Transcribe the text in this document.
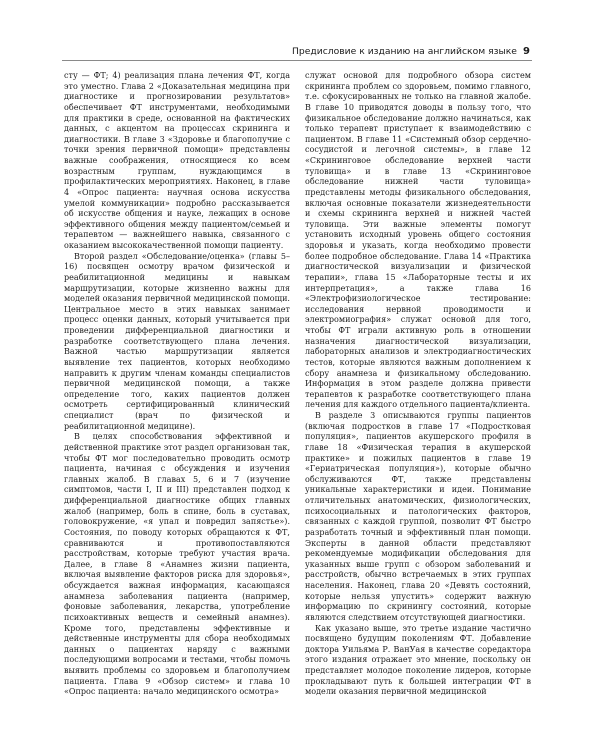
Предисловие к изданию на английском языке 9

сту — ФТ; 4) реализация плана лечения ФТ, когда это уместно. Глава 2 «Доказательная медицина при диагностике и прогнозировании результатов» обеспечивает ФТ инструментами, необходимыми для практики в среде, основанной на фактических данных, с акцентом на процессах скрининга и диагностики. В главе 3 «Здоровье и благополучие с точки зрения первичной помощи» представлены важные соображения, относящиеся ко всем возрастным группам, нуждающимся в профилактических мероприятиях. Наконец, в главе 4 «Опрос пациента: научная основа искусства умелой коммуникации» подробно рассказывается об искусстве общения и науке, лежащих в основе эффективного общения между пациентом/семьей и терапевтом — важнейшего навыка, связанного с оказанием высококачественной помощи пациенту.

Второй раздел «Обследование/оценка» (главы 5–16) посвящен осмотру врачом физической и реабилитационной медицины и навыкам маршрутизации, которые жизненно важны для моделей оказания первичной медицинской помощи. Центральное место в этих навыках занимает процесс оценки данных, который учитывается при проведении дифференциальной диагностики и разработке соответствующего плана лечения. Важной частью маршрутизации является выявление тех пациентов, которых необходимо направить к другим членам команды специалистов первичной медицинской помощи, а также определение того, каких пациентов должен осмотреть сертифицированный клинический специалист (врач по физической и реабилитационной медицине).

В целях способствования эффективной и действенной практике этот раздел организован так, чтобы ФТ мог последовательно проводить осмотр пациента, начиная с обсуждения и изучения главных жалоб. В главах 5, 6 и 7 (изучение симптомов, части I, II и III) представлен подход к дифференциальной диагностике общих главных жалоб (например, боль в спине, боль в суставах, головокружение, «я упал и повредил запястье»). Состояния, по поводу которых обращаются к ФТ, сравниваются и противопоставляются расстройствам, которые требуют участия врача. Далее, в главе 8 «Анамнез жизни пациента, включая выявление факторов риска для здоровья», обсуждается важная информация, касающаяся анамнеза заболевания пациента (например, фоновые заболевания, лекарства, употребление психоактивных веществ и семейный анамнез). Кроме того, представлены эффективные и действенные инструменты для сбора необходимых данных о пациентах наряду с важными последующими вопросами и тестами, чтобы помочь выявить проблемы со здоровьем и благополучием пациента. Глава 9 «Обзор систем» и глава 10 «Опрос пациента: начало медицинского осмотра»

служат основой для подробного обзора систем скрининга проблем со здоровьем, помимо главного, т.е. сфокусированных не только на главной жалобе. В главе 10 приводятся доводы в пользу того, что физикальное обследование должно начинаться, как только терапевт приступает к взаимодействию с пациентом. В главе 11 «Системный обзор сердечно-сосудистой и легочной системы», в главе 12 «Скрининговое обследование верхней части туловища» и в главе 13 «Скрининговое обследование нижней части туловища» представлены методы физикального обследования, включая основные показатели жизнедеятельности и схемы скрининга верхней и нижней частей туловища. Эти важные элементы помогут установить исходный уровень общего состояния здоровья и указать, когда необходимо провести более подробное обследование. Глава 14 «Практика диагностической визуализации и физической терапии», глава 15 «Лабораторные тесты и их интерпретация», а также глава 16 «Электрофизиологическое тестирование: исследования нервной проводимости и электромиография» служат основой для того, чтобы ФТ играли активную роль в отношении назначения диагностической визуализации, лабораторных анализов и электродиагностических тестов, которые являются важным дополнением к сбору анамнеза и физикальному обследованию. Информация в этом разделе должна привести терапевтов к разработке соответствующего плана лечения для каждого отдельного пациента/клиента.

В разделе 3 описываются группы пациентов (включая подростков в главе 17 «Подростковая популяция», пациентов акушерского профиля в главе 18 «Физическая терапия в акушерской практике» и пожилых пациентов в главе 19 «Гериатрическая популяция»), которые обычно обслуживаются ФТ, также представлены уникальные характеристики и идеи. Понимание отличительных анатомических, физиологических, психосоциальных и патологических факторов, связанных с каждой группой, позволит ФТ быстро разработать точный и эффективный план помощи. Эксперты в данной области представляют рекомендуемые модификации обследования для указанных выше групп с обзором заболеваний и расстройств, обычно встречаемых в этих группах населения. Наконец, глава 20 «Девять состояний, которые нельзя упустить» содержит важную информацию по скринингу состояний, которые являются следствием отсутствующей диагностики.

Как указано выше, это третье издание частично посвящено будущим поколениям ФТ. Добавление доктора Уильяма Р. ВанУая в качестве соредактора этого издания отражает это мнение, поскольку он представляет молодое поколение лидеров, которые прокладывают путь к большей интеграции ФТ в модели оказания первичной медицинской
